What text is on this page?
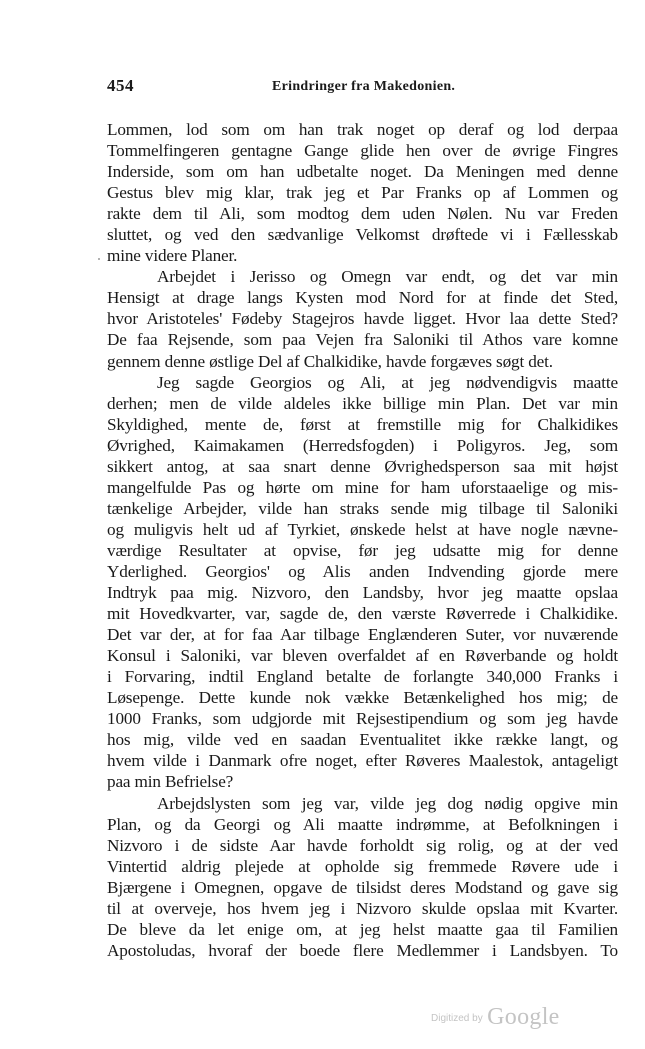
454	Erindringer fra Makedonien.
Lommen, lod som om han trak noget op deraf og lod derpaa
Tommelfingeren gentagne Gange glide hen over de øvrige Fingres
Inderside, som om han udbetalte noget. Da Meningen med denne
Gestus blev mig klar, trak jeg et Par Franks op af Lommen og
rakte dem til Ali, som modtog dem uden Nølen. Nu var Freden
sluttet, og ved den sædvanlige Velkomst drøftede vi i Fællesskab
mine videre Planer.
Arbejdet i Jerisso og Omegn var endt, og det var min
Hensigt at drage langs Kysten mod Nord for at finde det Sted,
hvor Aristoteles' Fødeby Stagejros havde ligget. Hvor laa dette Sted?
De faa Rejsende, som paa Vejen fra Saloniki til Athos vare komne
gennem denne østlige Del af Chalkidike, havde forgæves søgt det.
Jeg sagde Georgios og Ali, at jeg nødvendigvis maatte
derhen; men de vilde aldeles ikke billige min Plan. Det var min
Skyldighed, mente de, først at fremstille mig for Chalkidikes
Øvrighed, Kaimakamen (Herredsfogden) i Poligyros. Jeg, som
sikkert antog, at saa snart denne Øvrighedsperson saa mit højst
mangelfulde Pas og hørte om mine for ham uforstaaelige og mis-
tænkelige Arbejder, vilde han straks sende mig tilbage til Saloniki
og muligvis helt ud af Tyrkiet, ønskede helst at have nogle nævne-
værdige Resultater at opvise, før jeg udsatte mig for denne
Yderlighed. Georgios' og Alis anden Indvending gjorde mere
Indtryk paa mig. Nizvoro, den Landsby, hvor jeg maatte opslaa
mit Hovedkvarter, var, sagde de, den værste Røverrede i Chalkidike.
Det var der, at for faa Aar tilbage Englænderen Suter, vor nuværende
Konsul i Saloniki, var bleven overfaldet af en Røverbande og holdt
i Forvaring, indtil England betalte de forlangte 340,000 Franks i
Løsepenge. Dette kunde nok vække Betænkelighed hos mig; de
1000 Franks, som udgjorde mit Rejsestipendium og som jeg havde
hos mig, vilde ved en saadan Eventualitet ikke række langt, og
hvem vilde i Danmark ofre noget, efter Røveres Maalestok, antageligt
paa min Befrielse?
Arbejdslysten som jeg var, vilde jeg dog nødig opgive min
Plan, og da Georgi og Ali maatte indrømme, at Befolkningen i
Nizvoro i de sidste Aar havde forholdt sig rolig, og at der ved
Vintertid aldrig plejede at opholde sig fremmede Røvere ude i
Bjærgene i Omegnen, opgave de tilsidst deres Modstand og gave sig
til at overveje, hos hvem jeg i Nizvoro skulde opslaa mit Kvarter.
De bleve da let enige om, at jeg helst maatte gaa til Familien
Apostoludas, hvoraf der boede flere Medlemmer i Landsbyen. To
Digitized by Google
